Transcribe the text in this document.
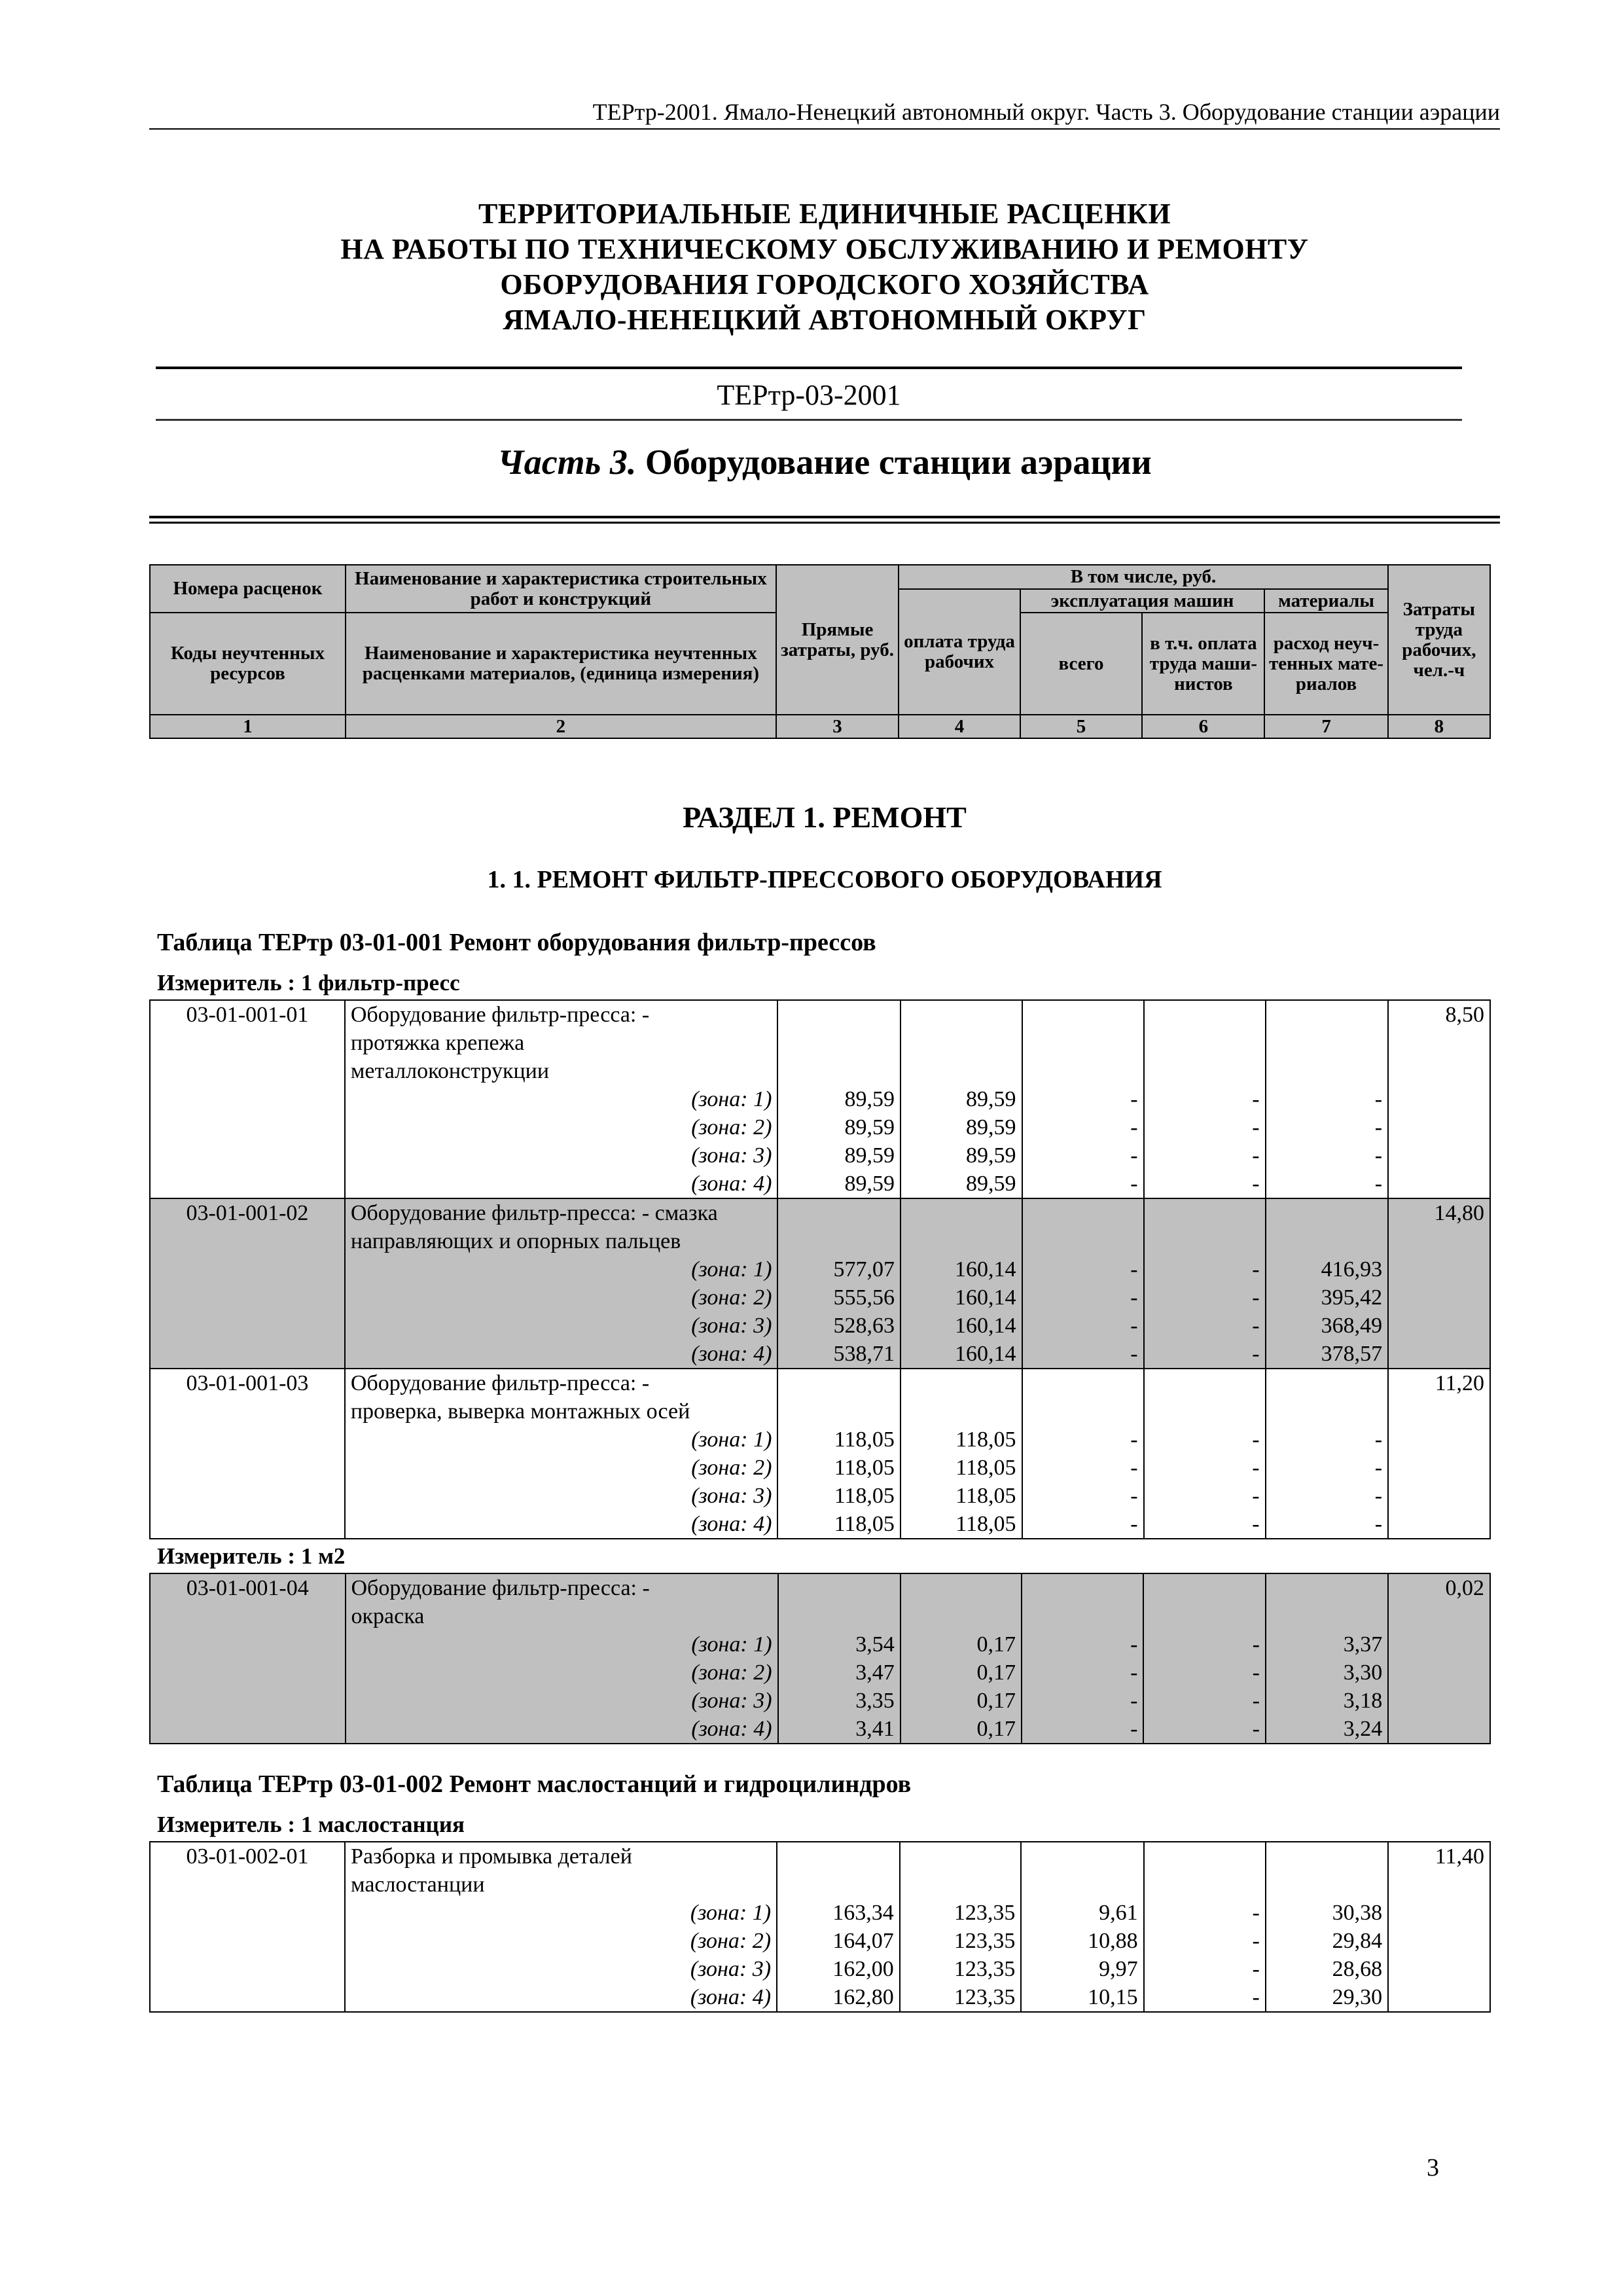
ТЕРтр-2001. Ямало-Ненецкий автономный округ. Часть 3. Оборудование станции аэрации
ТЕРРИТОРИАЛЬНЫЕ ЕДИНИЧНЫЕ РАСЦЕНКИ
НА РАБОТЫ ПО ТЕХНИЧЕСКОМУ ОБСЛУЖИВАНИЮ И РЕМОНТУ
ОБОРУДОВАНИЯ ГОРОДСКОГО ХОЗЯЙСТВА
ЯМАЛО-НЕНЕЦКИЙ АВТОНОМНЫЙ ОКРУГ
ТЕРтр-03-2001
Часть 3. Оборудование станции аэрации
Номера расценок	Наименование и характеристика строительных работ и конструкций	Прямые затраты, руб.	В том числе, руб.				Затраты труда рабочих, чел.-ч
			оплата труда рабочих	эксплуатация машин		материалы	
Коды неучтенных ресурсов	Наименование и характеристика неучтенных расценками материалов, (единица измерения)			всего	в т.ч. оплата труда маши-нистов	расход неуч-тенных мате-риалов	

1	2	3	4	5	6	7	8
РАЗДЕЛ 1. РЕМОНТ
1. 1. РЕМОНТ ФИЛЬТР-ПРЕССОВОГО ОБОРУДОВАНИЯ
Таблица ТЕРтр 03-01-001 Ремонт оборудования фильтр-прессов
Измеритель : 1 фильтр-пресс
03-01-001-01	Оборудование фильтр-пресса: -						8,50
	протяжка крепежа						
	металлоконструкции						
	(зона: 1)	89,59	89,59	-	-	-	
	(зона: 2)	89,59	89,59	-	-	-	
	(зона: 3)	89,59	89,59	-	-	-	
	(зона: 4)	89,59	89,59	-	-	-	
03-01-001-02	Оборудование фильтр-пресса: - смазка						14,80
	направляющих и опорных пальцев						
	(зона: 1)	577,07	160,14	-	-	416,93	
	(зона: 2)	555,56	160,14	-	-	395,42	
	(зона: 3)	528,63	160,14	-	-	368,49	
	(зона: 4)	538,71	160,14	-	-	378,57	
03-01-001-03	Оборудование фильтр-пресса: -						11,20
	проверка, выверка монтажных осей						
	(зона: 1)	118,05	118,05	-	-	-	
	(зона: 2)	118,05	118,05	-	-	-	
	(зона: 3)	118,05	118,05	-	-	-	
	(зона: 4)	118,05	118,05	-	-	-	
Измеритель : 1 м2
03-01-001-04	Оборудование фильтр-пресса: -						0,02
	окраска						
	(зона: 1)	3,54	0,17	-	-	3,37	
	(зона: 2)	3,47	0,17	-	-	3,30	
	(зона: 3)	3,35	0,17	-	-	3,18	
	(зона: 4)	3,41	0,17	-	-	3,24	
Таблица ТЕРтр 03-01-002 Ремонт маслостанций и гидроцилиндров
Измеритель : 1 маслостанция
03-01-002-01	Разборка и промывка деталей						11,40
	маслостанции						
	(зона: 1)	163,34	123,35	9,61	-	30,38	
	(зона: 2)	164,07	123,35	10,88	-	29,84	
	(зона: 3)	162,00	123,35	9,97	-	28,68	
	(зона: 4)	162,80	123,35	10,15	-	29,30	
3
